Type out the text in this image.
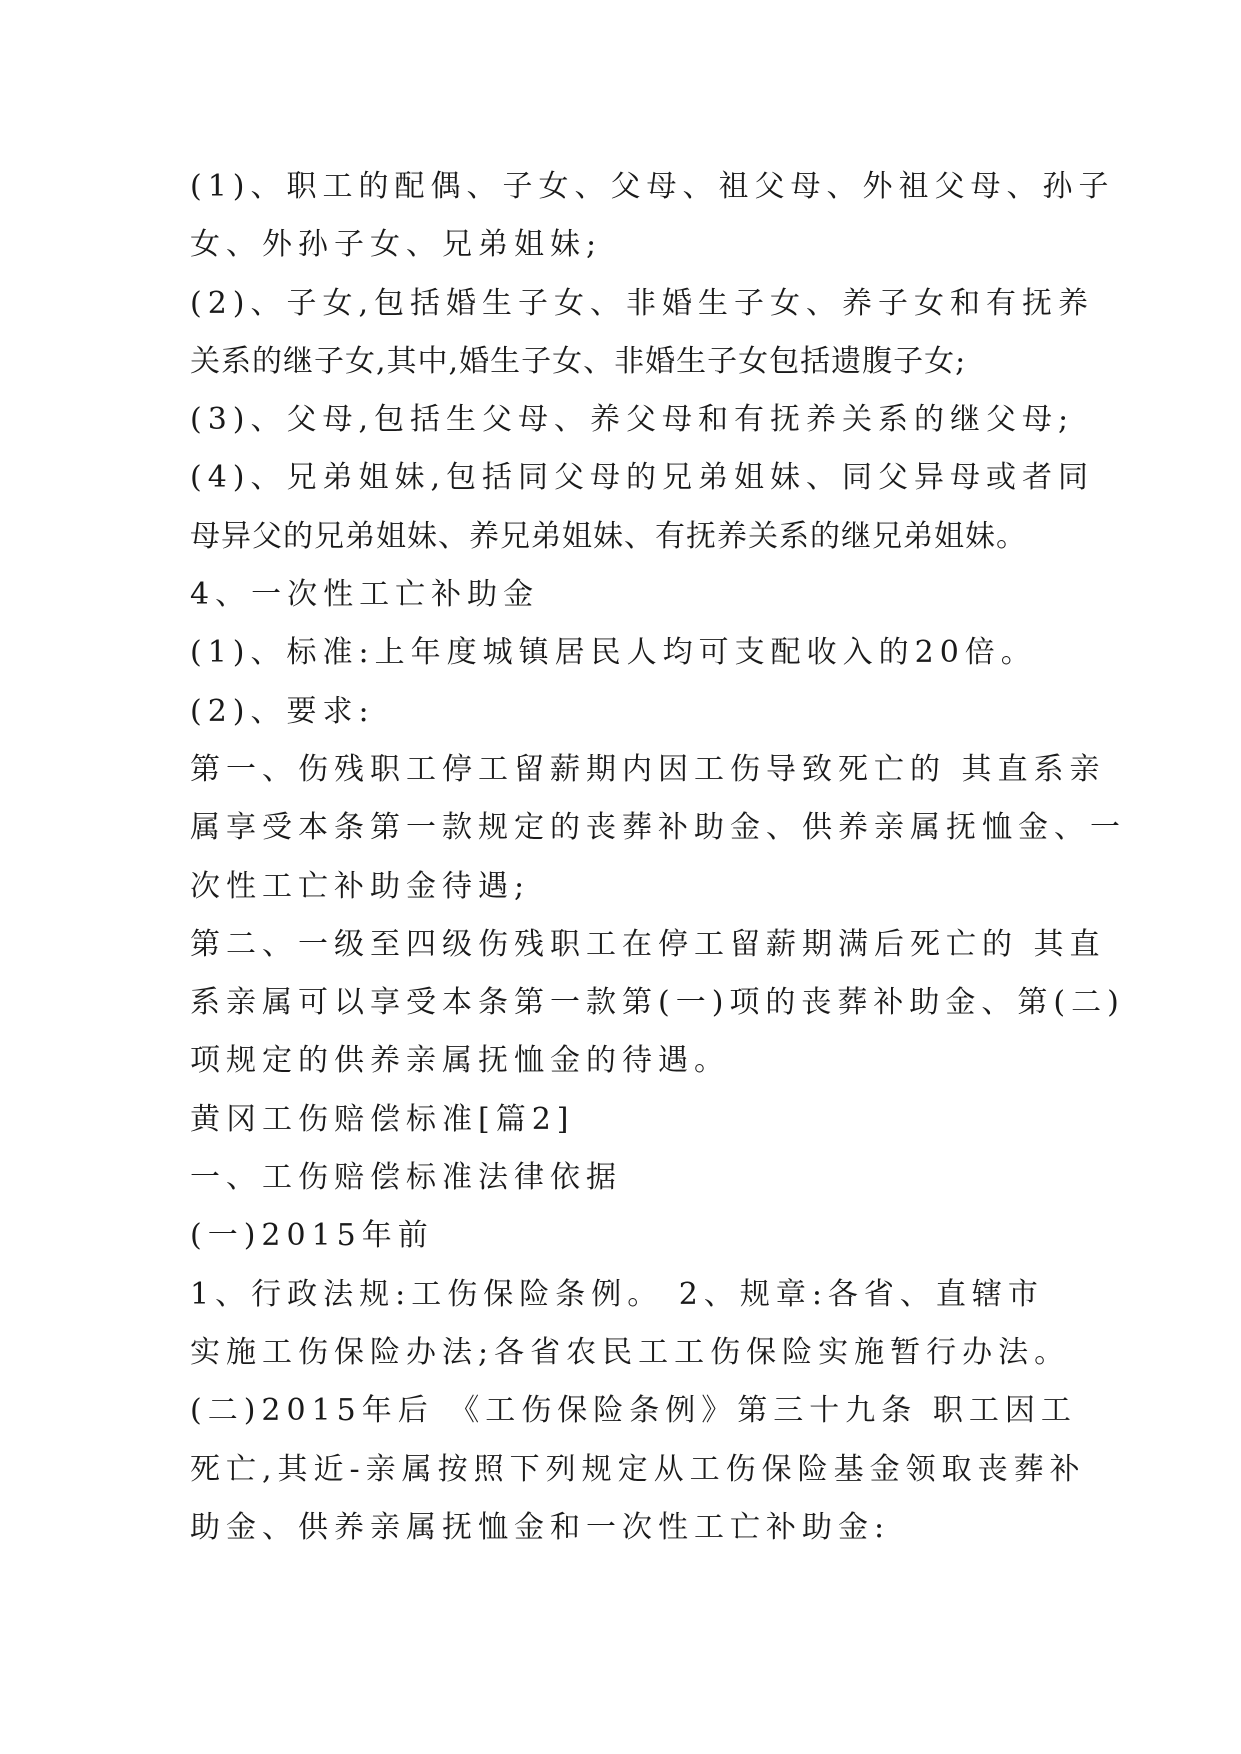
(1)、职工的配偶、子女、父母、祖父母、外祖父母、孙子
女、外孙子女、兄弟姐妹;
(2)、子女,包括婚生子女、非婚生子女、养子女和有抚养
关系的继子女,其中,婚生子女、非婚生子女包括遗腹子女;
(3)、父母,包括生父母、养父母和有抚养关系的继父母;
(4)、兄弟姐妹,包括同父母的兄弟姐妹、同父异母或者同
母异父的兄弟姐妹、养兄弟姐妹、有抚养关系的继兄弟姐妹。
4、一次性工亡补助金
(1)、标准:上年度城镇居民人均可支配收入的20倍。
(2)、要求:
第一、伤残职工停工留薪期内因工伤导致死亡的 其直系亲
属享受本条第一款规定的丧葬补助金、供养亲属抚恤金、一
次性工亡补助金待遇;
第二、一级至四级伤残职工在停工留薪期满后死亡的 其直
系亲属可以享受本条第一款第(一)项的丧葬补助金、第(二)
项规定的供养亲属抚恤金的待遇。
黄冈工伤赔偿标准[篇2]
一、工伤赔偿标准法律依据
(一)2015年前
1、行政法规:工伤保险条例。 2、规章:各省、直辖市
实施工伤保险办法;各省农民工工伤保险实施暂行办法。
(二)2015年后 《工伤保险条例》第三十九条 职工因工
死亡,其近-亲属按照下列规定从工伤保险基金领取丧葬补
助金、供养亲属抚恤金和一次性工亡补助金:
